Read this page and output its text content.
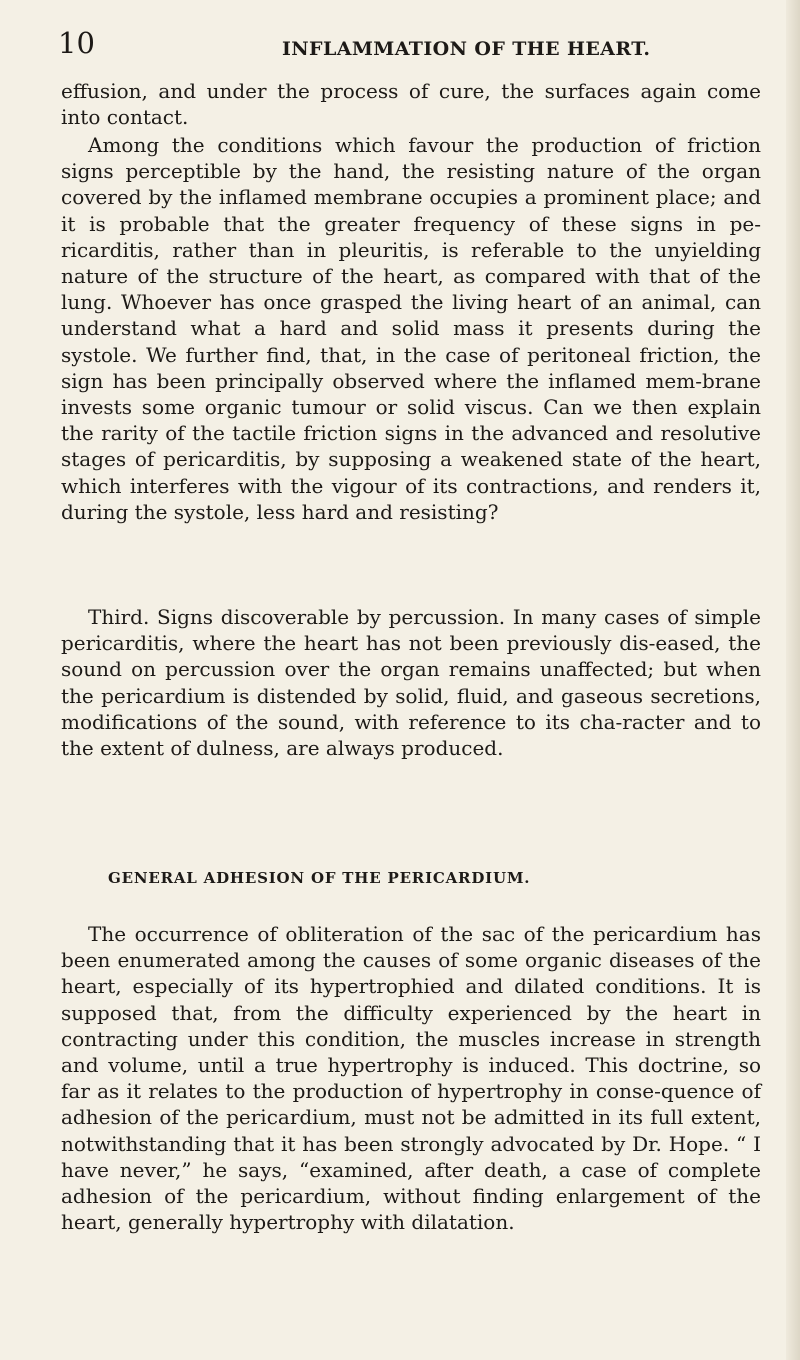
10	INFLAMMATION OF THE HEART.

effusion, and under the process of cure, the surfaces again come into contact.

Among the conditions which favour the production of friction signs perceptible by the hand, the resisting nature of the organ covered by the inflamed membrane occupies a prominent place; and it is probable that the greater frequency of these signs in pe-ricarditis, rather than in pleuritis, is referable to the unyielding nature of the structure of the heart, as compared with that of the lung. Whoever has once grasped the living heart of an animal, can understand what a hard and solid mass it presents during the systole. We further find, that, in the case of peritoneal friction, the sign has been principally observed where the inflamed mem-brane invests some organic tumour or solid viscus. Can we then explain the rarity of the tactile friction signs in the advanced and resolutive stages of pericarditis, by supposing a weakened state of the heart, which interferes with the vigour of its contractions, and renders it, during the systole, less hard and resisting?

Third. Signs discoverable by percussion. In many cases of simple pericarditis, where the heart has not been previously dis-eased, the sound on percussion over the organ remains unaffected; but when the pericardium is distended by solid, fluid, and gaseous secretions, modifications of the sound, with reference to its cha-racter and to the extent of dulness, are always produced.

GENERAL ADHESION OF THE PERICARDIUM.

The occurrence of obliteration of the sac of the pericardium has been enumerated among the causes of some organic diseases of the heart, especially of its hypertrophied and dilated conditions. It is supposed that, from the difficulty experienced by the heart in contracting under this condition, the muscles increase in strength and volume, until a true hypertrophy is induced. This doctrine, so far as it relates to the production of hypertrophy in conse-quence of adhesion of the pericardium, must not be admitted in its full extent, notwithstanding that it has been strongly advocated by Dr. Hope. “ I have never,” he says, “examined, after death, a case of complete adhesion of the pericardium, without finding enlargement of the heart, generally hypertrophy with dilatation.
